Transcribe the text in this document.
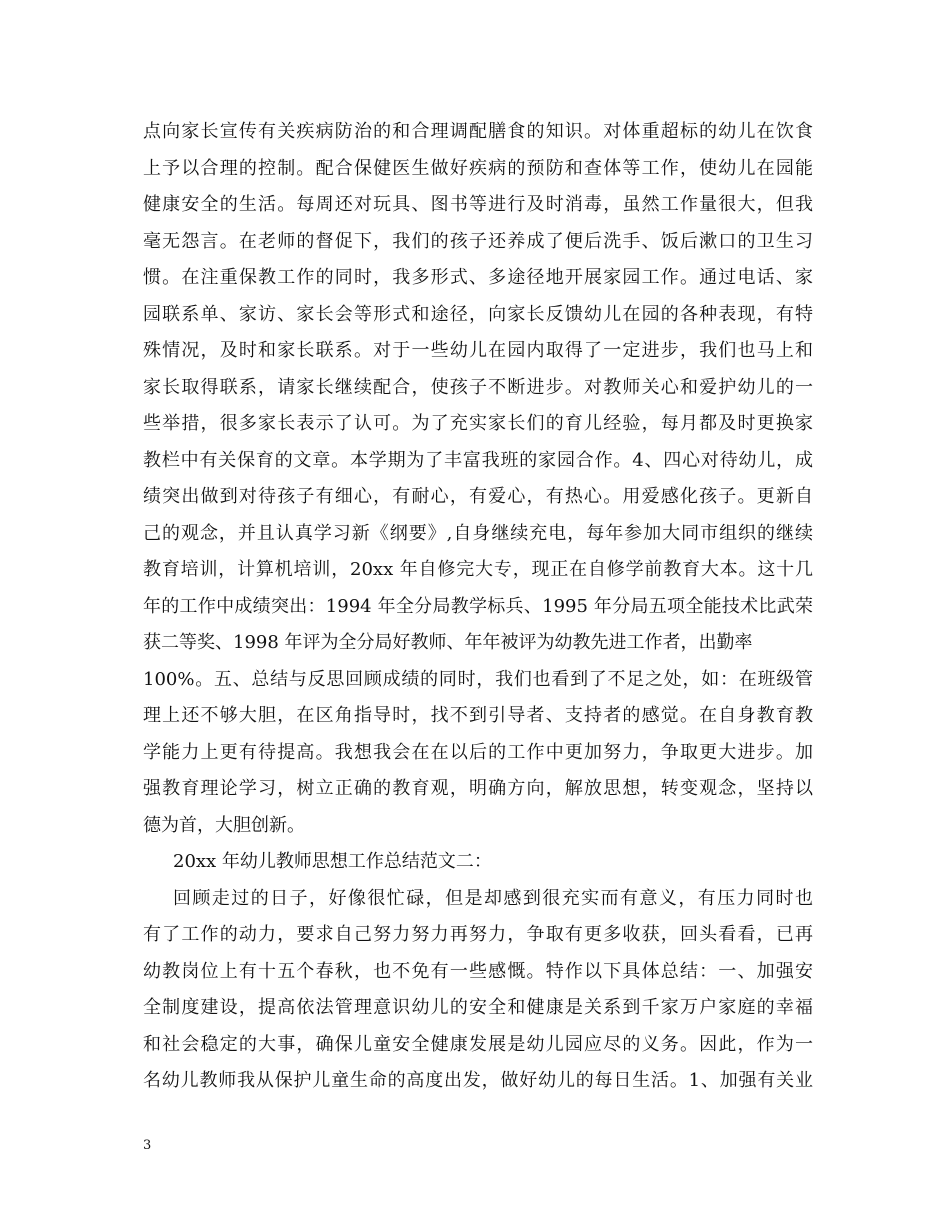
点向家长宣传有关疾病防治的和合理调配膳食的知识。对体重超标的幼儿在饮食
上予以合理的控制。配合保健医生做好疾病的预防和查体等工作，使幼儿在园能
健康安全的生活。每周还对玩具、图书等进行及时消毒，虽然工作量很大，但我
毫无怨言。在老师的督促下，我们的孩子还养成了便后洗手、饭后漱口的卫生习
惯。在注重保教工作的同时，我多形式、多途径地开展家园工作。通过电话、家
园联系单、家访、家长会等形式和途径，向家长反馈幼儿在园的各种表现，有特
殊情况，及时和家长联系。对于一些幼儿在园内取得了一定进步，我们也马上和
家长取得联系，请家长继续配合，使孩子不断进步。对教师关心和爱护幼儿的一
些举措，很多家长表示了认可。为了充实家长们的育儿经验，每月都及时更换家
教栏中有关保育的文章。本学期为了丰富我班的家园合作。4、四心对待幼儿，成
绩突出做到对待孩子有细心，有耐心，有爱心，有热心。用爱感化孩子。更新自
己的观念，并且认真学习新《纲要》,自身继续充电，每年参加大同市组织的继续
教育培训，计算机培训，20xx 年自修完大专，现正在自修学前教育大本。这十几
年的工作中成绩突出：1994 年全分局教学标兵、1995 年分局五项全能技术比武荣
获二等奖、1998 年评为全分局好教师、年年被评为幼教先进工作者，出勤率
100%。五、总结与反思回顾成绩的同时，我们也看到了不足之处，如：在班级管
理上还不够大胆，在区角指导时，找不到引导者、支持者的感觉。在自身教育教
学能力上更有待提高。我想我会在在以后的工作中更加努力，争取更大进步。加
强教育理论学习，树立正确的教育观，明确方向，解放思想，转变观念，坚持以
德为首，大胆创新。
20xx 年幼儿教师思想工作总结范文二：
回顾走过的日子，好像很忙碌，但是却感到很充实而有意义，有压力同时也
有了工作的动力，要求自己努力努力再努力，争取有更多收获，回头看看，已再
幼教岗位上有十五个春秋，也不免有一些感慨。特作以下具体总结：一、加强安
全制度建设，提高依法管理意识幼儿的安全和健康是关系到千家万户家庭的幸福
和社会稳定的大事，确保儿童安全健康发展是幼儿园应尽的义务。因此，作为一
名幼儿教师我从保护儿童生命的高度出发，做好幼儿的每日生活。1、加强有关业
3
